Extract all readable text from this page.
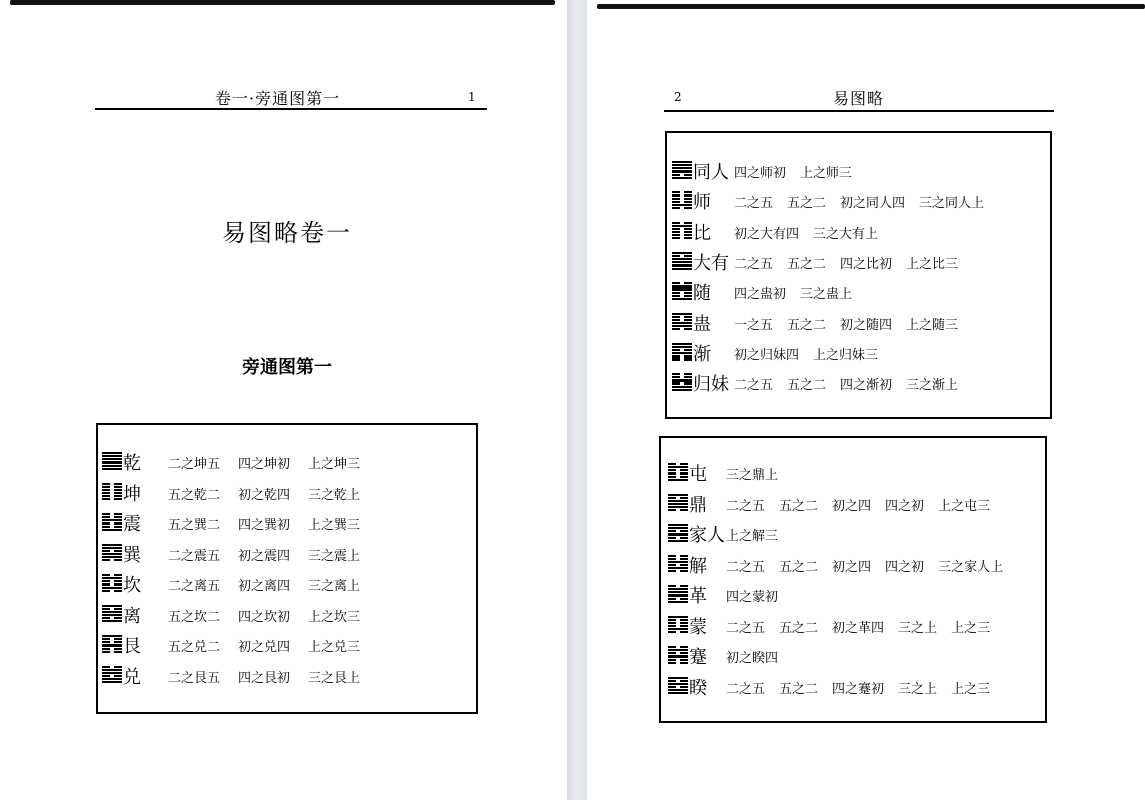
卷一·旁通图第一	1
易图略卷一
旁通图第一
乾 二之坤五 四之坤初 上之坤三
坤 五之乾二 初之乾四 三之乾上
震 五之巽二 四之巽初 上之巽三
巽 二之震五 初之震四 三之震上
坎 二之离五 初之离四 三之离上
离 五之坎二 四之坎初 上之坎三
艮 五之兑二 初之兑四 上之兑三
兑 二之艮五 四之艮初 三之艮上
2	易图略
同人 四之师初 上之师三
师 二之五 五之二 初之同人四 三之同人上
比 初之大有四 三之大有上
大有 二之五 五之二 四之比初 上之比三
随 四之蛊初 三之蛊上
蛊 一之五 五之二 初之随四 上之随三
渐 初之归妹四 上之归妹三
归妹 二之五 五之二 四之渐初 三之渐上
屯 三之鼎上
鼎 二之五 五之二 初之四 四之初 上之屯三
家人 上之解三
解 二之五 五之二 初之四 四之初 三之家人上
革 四之蒙初
蒙 二之五 五之二 初之革四 三之上 上之三
蹇 初之睽四
睽 二之五 五之二 四之蹇初 三之上 上之三
